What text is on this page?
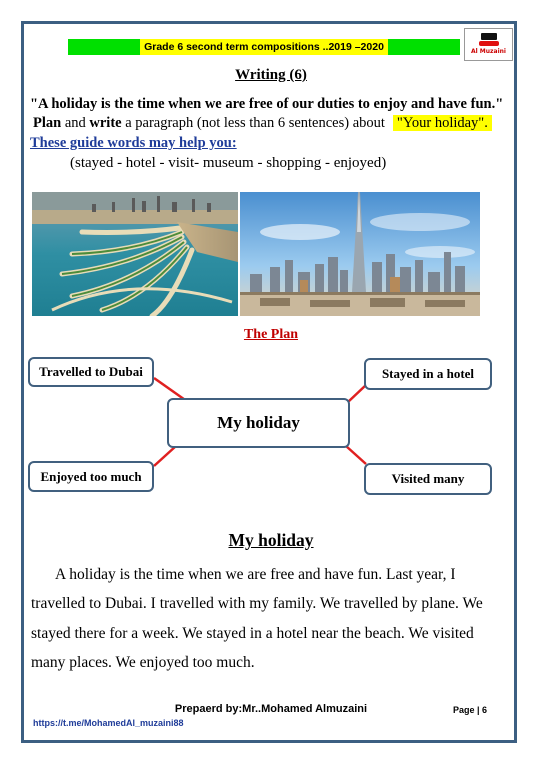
Grade 6 second term compositions ..2019 –2020	Al Muzaini
Writing (6)
"A holiday is the time when we are free of our duties to enjoy and have fun."
Plan and write a paragraph (not less than 6 sentences) about "Your holiday".
These guide words may help you:
(stayed - hotel - visit- museum - shopping - enjoyed)
The Plan
Travelled to Dubai	Stayed in a hotel
My holiday
Enjoyed too much	Visited many
My holiday

A holiday is the time when we are free and have fun. Last year, I travelled to Dubai. I travelled with my family. We travelled by plane. We stayed there for a week. We stayed in a hotel near the beach. We visited many places. We enjoyed too much.

Prepaerd by:Mr..Mohamed Almuzaini	Page | 6
https://t.me/MohamedAl_muzaini88
